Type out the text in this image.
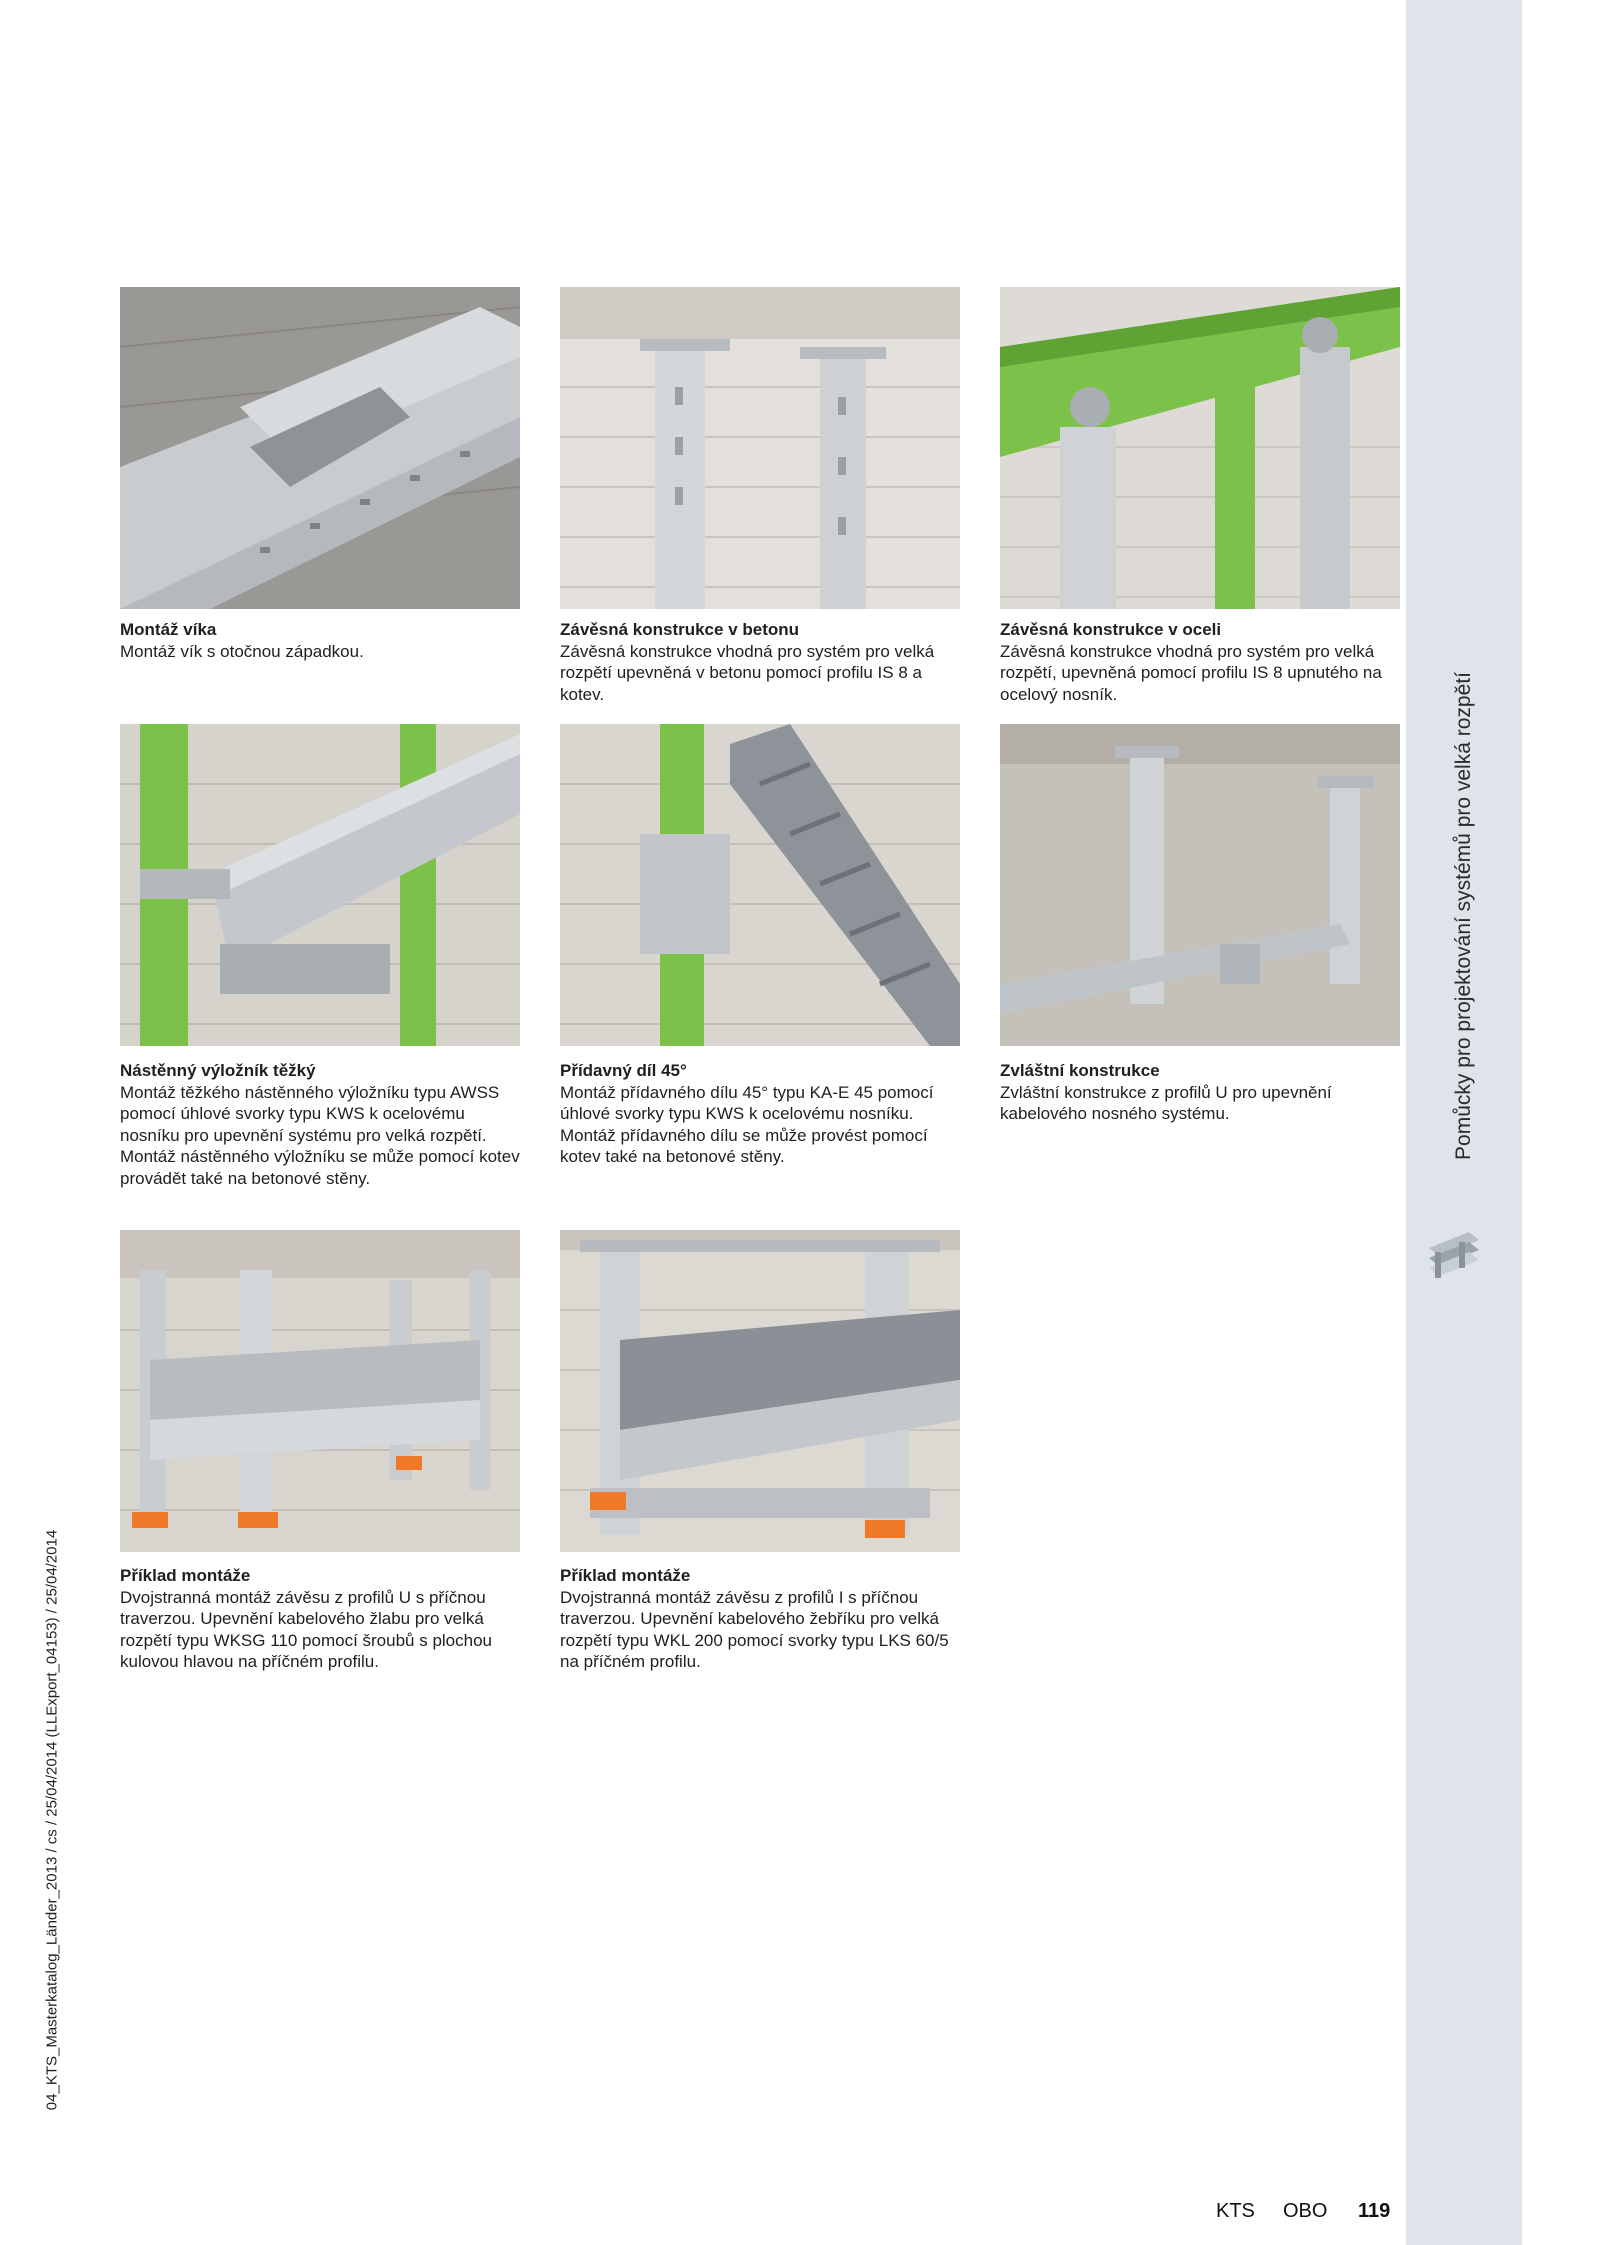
Pomůcky pro projektování systémů pro velká rozpětí
04_KTS_Masterkatalog_Länder_2013 / cs / 25/04/2014 (LLExport_04153) / 25/04/2014
Montáž víka
Montáž vík s otočnou západkou.
Závěsná konstrukce v betonu
Závěsná konstrukce vhodná pro systém pro velká rozpětí upevněná v betonu pomocí profilu IS 8 a kotev.
Závěsná konstrukce v oceli
Závěsná konstrukce vhodná pro systém pro velká rozpětí, upevněná pomocí profilu IS 8 upnutého na ocelový nosník.
Nástěnný výložník těžký
Montáž těžkého nástěnného výložníku typu AWSS pomocí úhlové svorky typu KWS k ocelovému nosníku pro upevnění systému pro velká rozpětí. Montáž nástěnného výložníku se může pomocí kotev provádět také na betonové stěny.
Přídavný díl 45°
Montáž přídavného dílu 45° typu KA-E 45 pomocí úhlové svorky typu KWS k ocelovému nosníku. Montáž přídavného dílu se může provést pomocí kotev také na betonové stěny.
Zvláštní konstrukce
Zvláštní konstrukce z profilů U pro upevnění kabelového nosného systému.
Příklad montáže
Dvojstranná montáž závěsu z profilů U s příčnou traverzou. Upevnění kabelového žlabu pro velká rozpětí typu WKSG 110 pomocí šroubů s plochou kulovou hlavou na příčném profilu.
Příklad montáže
Dvojstranná montáž závěsu z profilů I s příčnou traverzou. Upevnění kabelového žebříku pro velká rozpětí typu WKL 200 pomocí svorky typu LKS 60/5 na příčném profilu.
KTS OBO 119
